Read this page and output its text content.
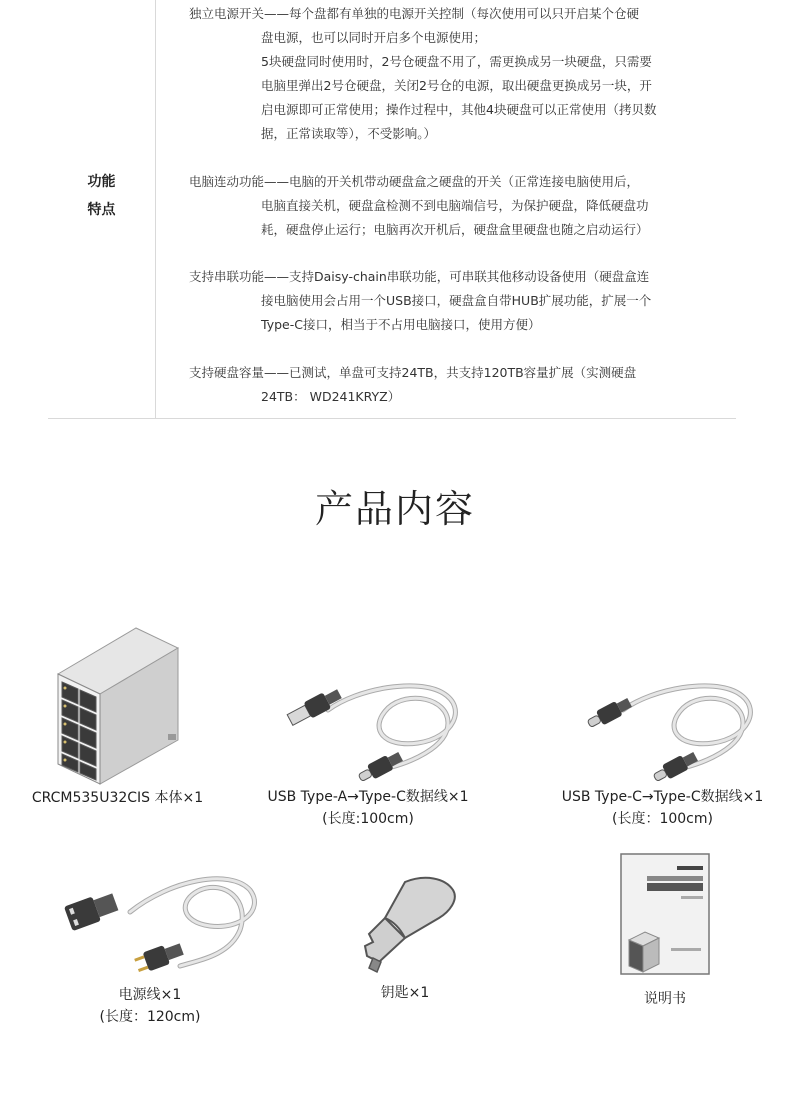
功能
特点
独立电源开关——每个盘都有单独的电源开关控制（每次使用可以只开启某个仓硬
盘电源，也可以同时开启多个电源使用；
5块硬盘同时使用时，2号仓硬盘不用了，需更换成另一块硬盘，只需要
电脑里弹出2号仓硬盘，关闭2号仓的电源，取出硬盘更换成另一块，开
启电源即可正常使用；操作过程中，其他4块硬盘可以正常使用（拷贝数
据，正常读取等），不受影响。）
电脑连动功能——电脑的开关机带动硬盘盒之硬盘的开关（正常连接电脑使用后，
电脑直接关机，硬盘盒检测不到电脑端信号，为保护硬盘，降低硬盘功
耗，硬盘停止运行；电脑再次开机后，硬盘盒里硬盘也随之启动运行）
支持串联功能——支持Daisy-chain串联功能，可串联其他移动设备使用（硬盘盒连
接电脑使用会占用一个USB接口，硬盘盒自带HUB扩展功能，扩展一个
Type-C接口，相当于不占用电脑接口，使用方便）
支持硬盘容量——已测试，单盘可支持24TB，共支持120TB容量扩展（实测硬盘
24TB： WD241KRYZ）
产品内容
CRCM535U32CIS 本体×1	USB Type-A→Type-C数据线×1
(长度:100cm)
USB Type-C→Type-C数据线×1
(长度：100cm)
电源线×1
(长度：120cm)
钥匙×1	说明书
